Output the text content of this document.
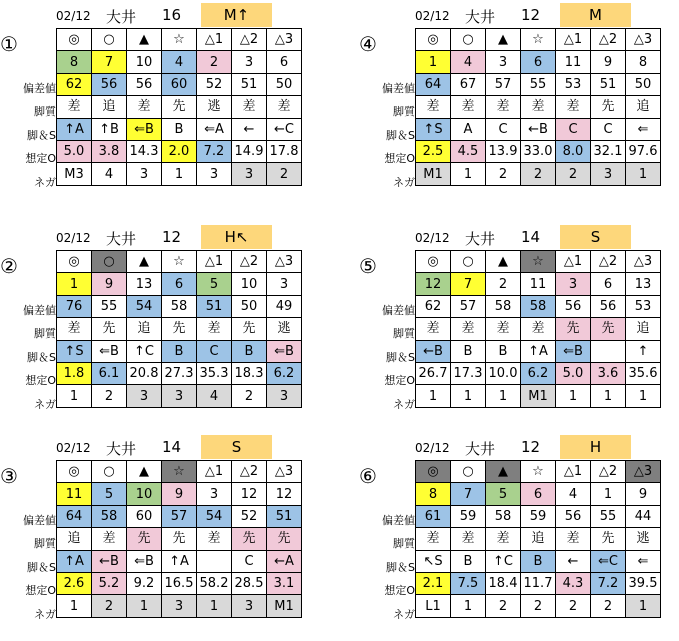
02/12 大井 16	M↑
①
偏差値
脚質
脚＆S
想定O
ネガ
◎	○	▲	☆	△1	△2	△3
8	7	10	4	2	3	6
62	56	56	60	52	51	50
差	追	差	先	逃	差	差
↑A	↑B	⇐B	B	⇐A	←	←C
5.0	3.8	14.3	2.0	7.2	14.9	17.8
M3	4	3	1	3	3	2
02/12 大井 12	M
④
偏差値
脚質
脚＆S
想定O
ネガ
◎	○	▲	☆	△1	△2	△3
1	4	3	6	11	9	8
64	67	57	55	53	51	50
差	差	差	差	差	先	追
↑S	A	C	←B	C	C	⇐
2.5	4.5	13.9	33.0	8.0	32.1	97.6
M1	1	2	2	2	3	1
02/12 大井 12	H↖
②
偏差値
脚質
脚＆S
想定O
ネガ
◎	○	▲	☆	△1	△2	△3
1	9	13	6	5	10	3
76	55	54	58	51	50	49
差	先	追	先	差	先	逃
↑S	⇐B	↑C	B	C	B	⇐B
1.8	6.1	20.8	27.3	35.3	18.3	6.2
1	2	3	3	4	2	3
02/12 大井 14	S
⑤
偏差値
脚質
脚＆S
想定O
ネガ
◎	○	▲	☆	△1	△2	△3
12	7	2	11	3	6	13
62	57	58	58	56	56	53
差	差	差	差	先	先	追
←B	B	B	↑A	⇐B		↑
26.7	17.3	10.0	6.2	5.0	3.6	35.6
1	1	1	M1	1	1	1
02/12 大井 14	S
③
偏差値
脚質
脚＆S
想定O
ネガ
◎	○	▲	☆	△1	△2	△3
11	5	10	9	3	12	12
64	58	60	57	54	52	51
追	差	先	先	差	先	先
↑A	←B	⇐B	↑A		C	←A
2.6	5.2	9.2	16.5	58.2	28.5	3.1
1	2	1	3	1	3	M1
02/12 大井 12	H
⑥
偏差値
脚質
脚＆S
想定O
ネガ
◎	○	▲	☆	△1	△2	△3
8	7	5	6	4	1	9
61	59	58	59	56	55	44
差	差	差	追	差	先	逃
↖S	B	↑C	B	←	⇐C	⇐
2.1	7.5	18.4	11.7	4.3	7.2	39.5
L1	1	2	2	2	2	1
